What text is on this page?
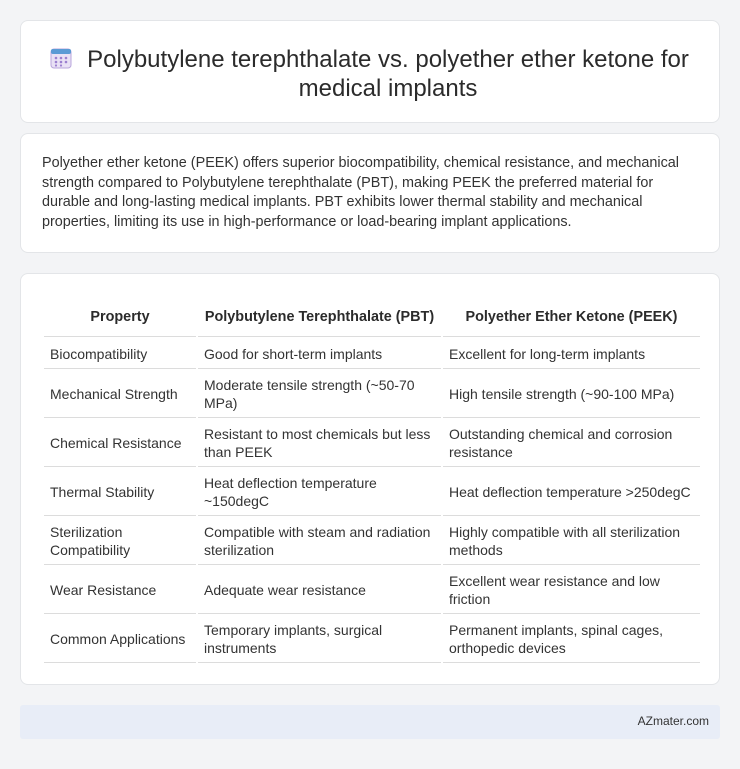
Polybutylene terephthalate vs. polyether ether ketone for medical implants

Polyether ether ketone (PEEK) offers superior biocompatibility, chemical resistance, and mechanical strength compared to Polybutylene terephthalate (PBT), making PEEK the preferred material for durable and long-lasting medical implants. PBT exhibits lower thermal stability and mechanical properties, limiting its use in high-performance or load-bearing implant applications.

Property	Polybutylene Terephthalate (PBT)	Polyether Ether Ketone (PEEK)
Biocompatibility	Good for short-term implants	Excellent for long-term implants
Mechanical Strength	Moderate tensile strength (~50-70 MPa)	High tensile strength (~90-100 MPa)
Chemical Resistance	Resistant to most chemicals but less than PEEK	Outstanding chemical and corrosion resistance
Thermal Stability	Heat deflection temperature ~150degC	Heat deflection temperature >250degC
Sterilization Compatibility	Compatible with steam and radiation sterilization	Highly compatible with all sterilization methods
Wear Resistance	Adequate wear resistance	Excellent wear resistance and low friction
Common Applications	Temporary implants, surgical instruments	Permanent implants, spinal cages, orthopedic devices
AZmater.com
